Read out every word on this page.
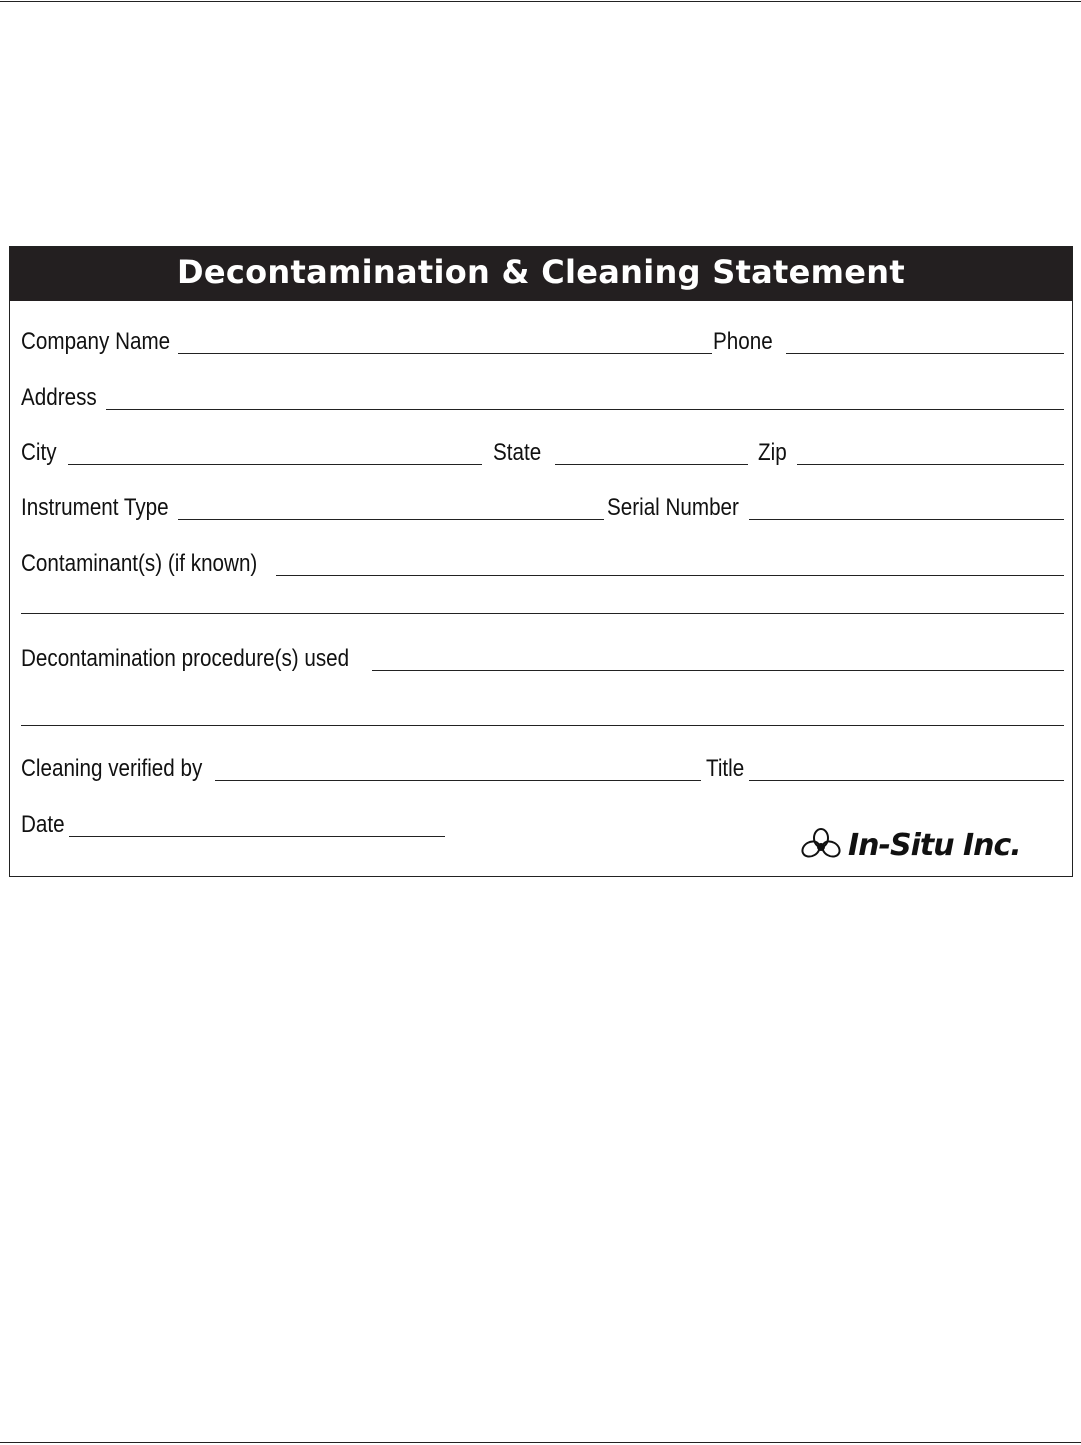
Decontamination & Cleaning Statement
Company Name	Phone
Address
City	State	Zip
Instrument Type	Serial Number
Contaminant(s) (if known)
Decontamination procedure(s) used
Cleaning verified by	Title
Date
In-Situ Inc.
